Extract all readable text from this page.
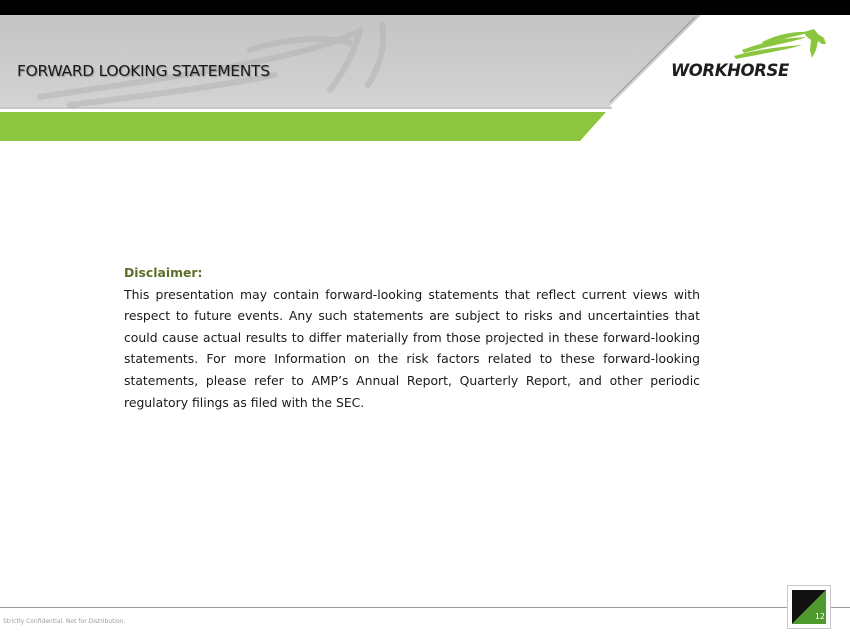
FORWARD LOOKING STATEMENTS	WORKHORSE

Disclaimer:

This presentation may contain forward-looking statements that reflect current views with respect to future events. Any such statements are subject to risks and uncertainties that could cause actual results to differ materially from those projected in these forward-looking statements. For more Information on the risk factors related to these forward-looking statements, please refer to AMP’s Annual Report, Quarterly Report, and other periodic regulatory filings as filed with the SEC.

Strictly Confidential. Not for Distribution.
12
